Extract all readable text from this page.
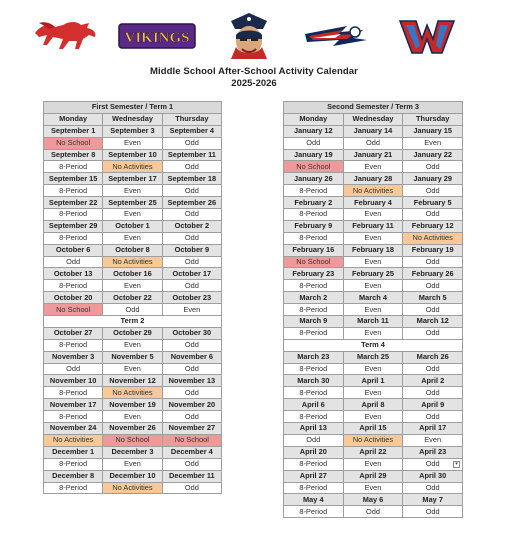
VIKINGS
Middle School After-School Activity Calendar
2025-2026
First Semester / Term 1		
Monday	Wednesday	Thursday
September 1	September 3	September 4
No School	Even	Odd
September 8	September 10	September 11
8-Period	No Activities	Odd
September 15	September 17	September 18
8-Period	Even	Odd
September 22	September 25	September 26
8-Period	Even	Odd
September 29	October 1	October 2
8-Period	Even	Odd
October 6	October 8	October 9
Odd	No Activities	Odd
October 13	October 16	October 17
8-Period	Even	Odd
October 20	October 22	October 23
No School	Odd	Even
Term 2		
October 27	October 29	October 30
8-Period	Even	Odd
November 3	November 5	November 6
Odd	Even	Odd
November 10	November 12	November 13
8-Period	No Activities	Odd
November 17	November 19	November 20
8-Period	Even	Odd
November 24	November 26	November 27
No Activities	No School	No School
December 1	December 3	December 4
8-Period	Even	Odd
December 8	December 10	December 11
8-Period	No Activities	Odd
Second Semester / Term 3		
Monday	Wednesday	Thursday
January 12	January 14	January 15
Odd	Odd	Even
January 19	January 21	January 22
No School	Even	Odd
January 26	January 28	January 29
8-Period	No Activities	Odd
February 2	February 4	February 5
8-Period	Even	Odd
February 9	February 11	February 12
8-Period	Even	No Activities
February 16	February 18	February 19
No School	Even	Odd
February 23	February 25	February 26
8-Period	Even	Odd
March 2	March 4	March 5
8-Period	Even	Odd
March 9	March 11	March 12
8-Period	Even	Odd
Term 4		
March 23	March 25	March 26
8-Period	Even	Odd
March 30	April 1	April 2
8-Period	Even	Odd
April 6	April 8	April 9
8-Period	Even	Odd
April 13	April 15	April 17
Odd	No Activities	Even
April 20	April 22	April 23
8-Period	Even	Odd ▾

April 27	April 29	April 30
8-Period	Even	Odd
May 4	May 6	May 7
8-Period	Odd	Odd
